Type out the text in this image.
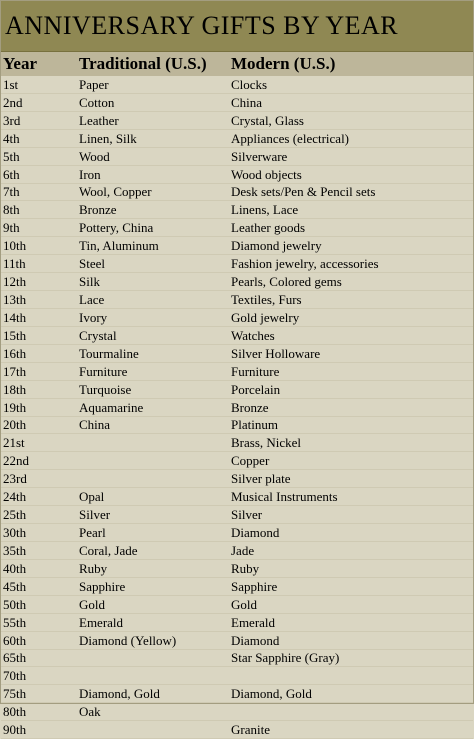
ANNIVERSARY GIFTS BY YEAR
Year	Traditional (U.S.)	Modern (U.S.)
1st	Paper	Clocks
2nd	Cotton	China
3rd	Leather	Crystal, Glass
4th	Linen, Silk	Appliances (electrical)
5th	Wood	Silverware
6th	Iron	Wood objects
7th	Wool, Copper	Desk sets/Pen & Pencil sets
8th	Bronze	Linens, Lace
9th	Pottery, China	Leather goods
10th	Tin, Aluminum	Diamond jewelry
11th	Steel	Fashion jewelry, accessories
12th	Silk	Pearls, Colored gems
13th	Lace	Textiles, Furs
14th	Ivory	Gold jewelry
15th	Crystal	Watches
16th	Tourmaline	Silver Holloware
17th	Furniture	Furniture
18th	Turquoise	Porcelain
19th	Aquamarine	Bronze
20th	China	Platinum
21st		Brass, Nickel
22nd		Copper
23rd		Silver plate
24th	Opal	Musical Instruments
25th	Silver	Silver
30th	Pearl	Diamond
35th	Coral, Jade	Jade
40th	Ruby	Ruby
45th	Sapphire	Sapphire
50th	Gold	Gold
55th	Emerald	Emerald
60th	Diamond (Yellow)	Diamond
65th		Star Sapphire (Gray)
70th		
75th	Diamond, Gold	Diamond, Gold
80th	Oak	
90th		Granite
